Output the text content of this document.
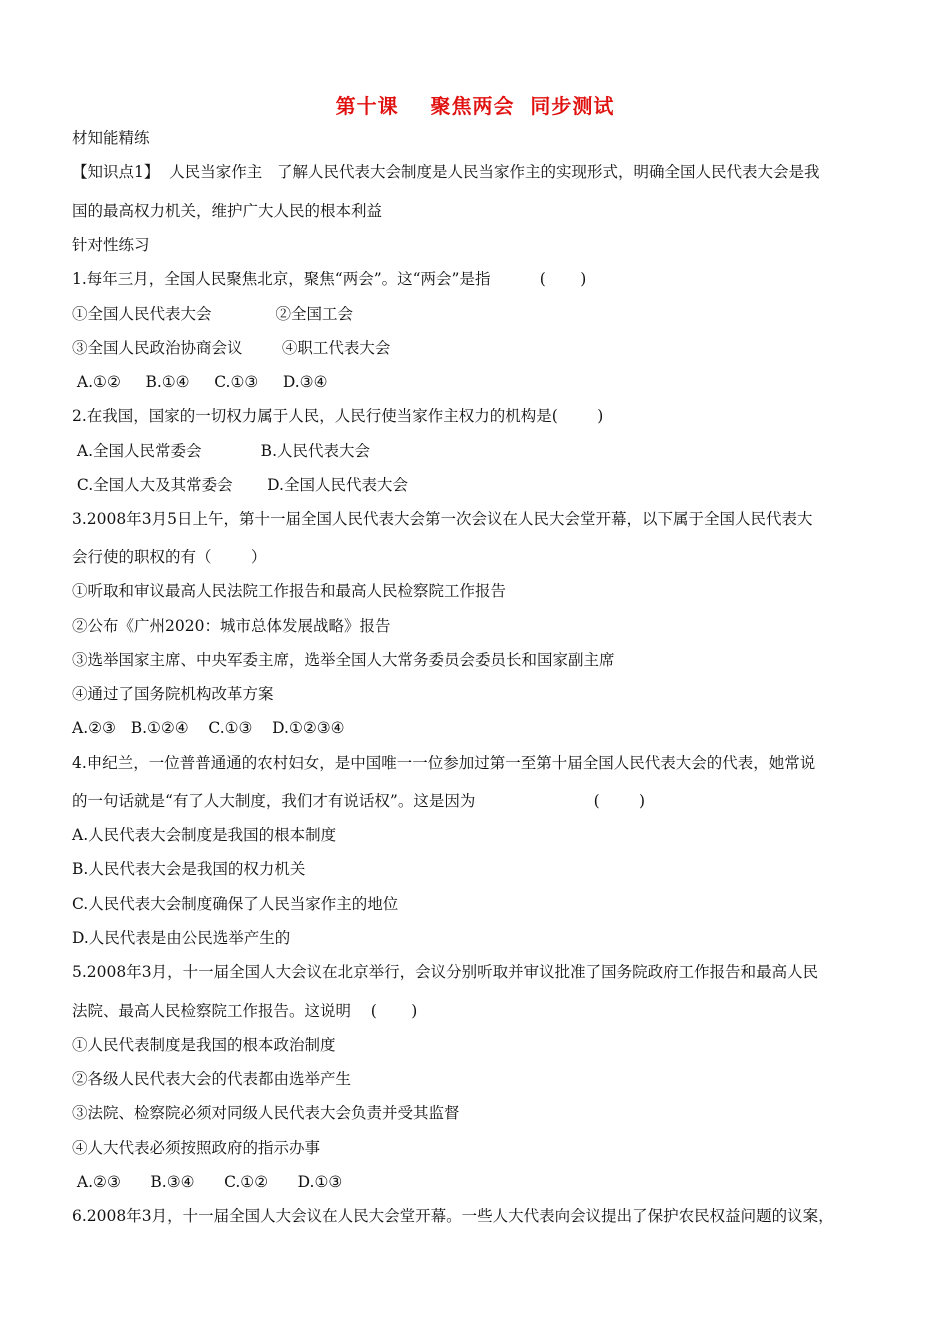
第十课    聚焦两会  同步测试
材知能精练
【知识点1】  人民当家作主   了解人民代表大会制度是人民当家作主的实现形式，明确全国人民代表大会是我
国的最高权力机关，维护广大人民的根本利益
针对性练习
1.每年三月，全国人民聚焦北京，聚焦“两会”。这“两会”是指          (       )
①全国人民代表大会             ②全国工会
③全国人民政治协商会议        ④职工代表大会
A.①②     B.①④     C.①③     D.③④
2.在我国，国家的一切权力属于人民，人民行使当家作主权力的机构是(        )
A.全国人民常委会            B.人民代表大会
C.全国人大及其常委会       D.全国人民代表大会
3.2008年3月5日上午，第十一届全国人民代表大会第一次会议在人民大会堂开幕，以下属于全国人民代表大
会行使的职权的有（        ）
①听取和审议最高人民法院工作报告和最高人民检察院工作报告
②公布《广州2020：城市总体发展战略》报告
③选举国家主席、中央军委主席，选举全国人大常务委员会委员长和国家副主席
④通过了国务院机构改革方案
A.②③   B.①②④    C.①③    D.①②③④
4.申纪兰，一位普普通通的农村妇女，是中国唯一一位参加过第一至第十届全国人民代表大会的代表，她常说
的一句话就是“有了人大制度，我们才有说话权”。这是因为                        (        )
A.人民代表大会制度是我国的根本制度
B.人民代表大会是我国的权力机关
C.人民代表大会制度确保了人民当家作主的地位
D.人民代表是由公民选举产生的
5.2008年3月，十一届全国人大会议在北京举行，会议分别听取并审议批准了国务院政府工作报告和最高人民
法院、最高人民检察院工作报告。这说明    (       )
①人民代表制度是我国的根本政治制度
②各级人民代表大会的代表都由选举产生
③法院、检察院必须对同级人民代表大会负责并受其监督
④人大代表必须按照政府的指示办事
A.②③      B.③④      C.①②      D.①③
6.2008年3月，十一届全国人大会议在人民大会堂开幕。一些人大代表向会议提出了保护农民权益问题的议案，
